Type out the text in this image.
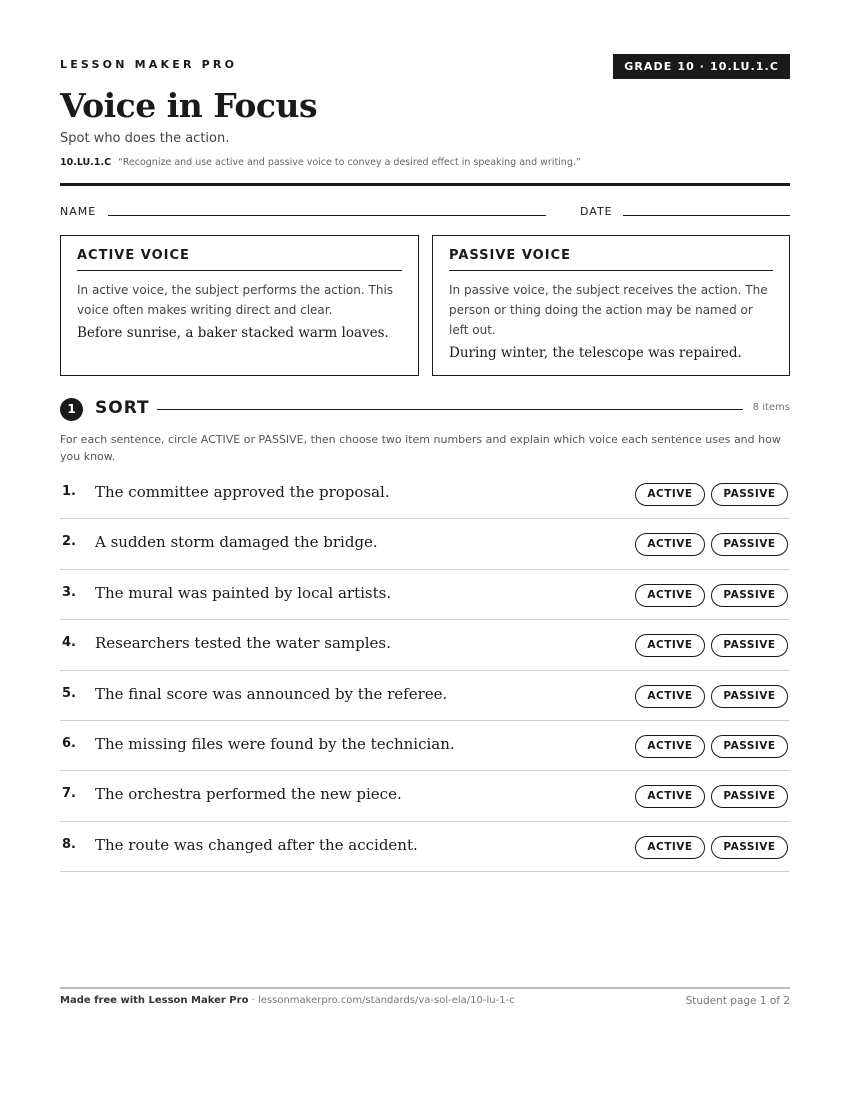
LESSON MAKER PRO	GRADE 10 · 10.LU.1.C
Voice in Focus
Spot who does the action.
10.LU.1.C “Recognize and use active and passive voice to convey a desired effect in speaking and writing.”
NAME	DATE
ACTIVE VOICE

In active voice, the subject performs the action. This voice often makes writing direct and clear.

Before sunrise, a baker stacked warm loaves.

PASSIVE VOICE

In passive voice, the subject receives the action. The person or thing doing the action may be named or left out.

During winter, the telescope was repaired.

1	SORT	8 items
For each sentence, circle ACTIVE or PASSIVE, then choose two item numbers and explain which voice each sentence uses and how you know.
1. The committee approved the proposal.	ACTIVE	PASSIVE
2. A sudden storm damaged the bridge.	ACTIVE	PASSIVE
3. The mural was painted by local artists.	ACTIVE	PASSIVE
4. Researchers tested the water samples.	ACTIVE	PASSIVE
5. The final score was announced by the referee.	ACTIVE	PASSIVE
6. The missing files were found by the technician.	ACTIVE	PASSIVE
7. The orchestra performed the new piece.	ACTIVE	PASSIVE
8. The route was changed after the accident.	ACTIVE	PASSIVE
Made free with Lesson Maker Pro · lessonmakerpro.com/standards/va-sol-ela/10-lu-1-c	Student page 1 of 2
